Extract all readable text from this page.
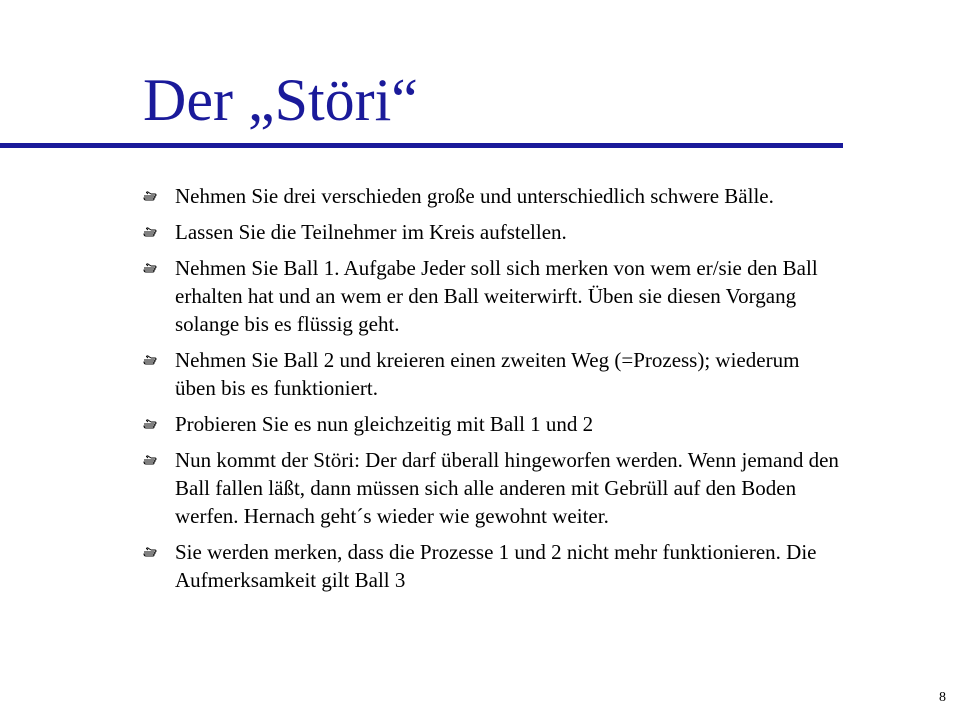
Der „Störi“
Nehmen Sie drei verschieden große und unterschiedlich schwere Bälle.
Lassen Sie die Teilnehmer im Kreis aufstellen.
Nehmen Sie Ball 1. Aufgabe Jeder soll sich merken von wem er/sie den Ball erhalten hat und an wem er den Ball weiterwirft. Üben sie diesen Vorgang solange bis es flüssig geht.
Nehmen Sie Ball 2 und kreieren einen zweiten Weg (=Prozess); wiederum üben bis es funktioniert.
Probieren Sie es nun gleichzeitig mit Ball 1 und 2
Nun kommt der Störi: Der darf überall hingeworfen werden. Wenn jemand den Ball fallen läßt, dann müssen sich alle anderen mit Gebrüll auf den Boden werfen. Hernach geht´s wieder wie gewohnt weiter.
Sie werden merken, dass die Prozesse 1 und 2 nicht mehr funktionieren. Die Aufmerksamkeit gilt Ball 3
8
